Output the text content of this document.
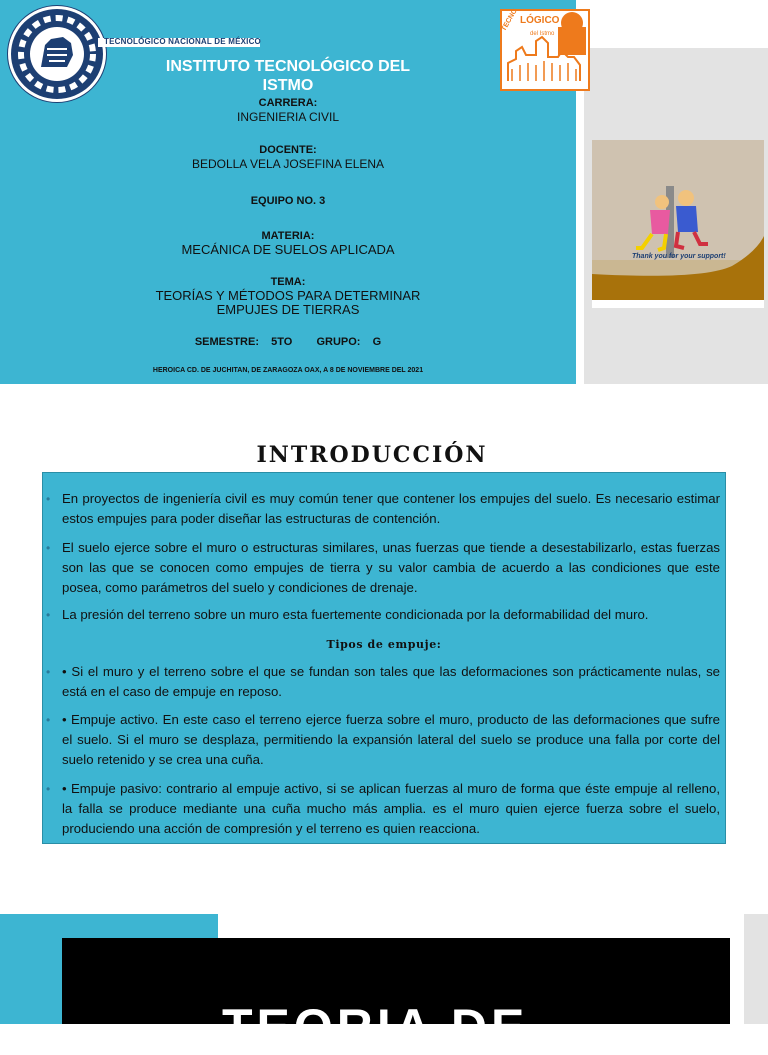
TECNOLÓGICO NACIONAL DE MÉXICO
INSTITUTO TECNOLÓGICO DEL ISTMO
CARRERA:
INGENIERIA CIVIL
DOCENTE:
BEDOLLA VELA JOSEFINA ELENA
EQUIPO NO. 3
MATERIA:
MECÁNICA DE SUELOS APLICADA
TEMA:
TEORÍAS Y MÉTODOS PARA DETERMINAR
EMPUJES DE TIERRAS
SEMESTRE: 5TO GRUPO: G
HEROICA CD. DE JUCHITAN, DE ZARAGOZA OAX, A 8 DE NOVIEMBRE DEL 2021
TECNO LÓGICO
del Istmo
Thank you for your support!
INTRODUCCIÓN
• En proyectos de ingeniería civil es muy común tener que contener los empujes del suelo. Es necesario estimar estos empujes para poder diseñar las estructuras de contención.
• El suelo ejerce sobre el muro o estructuras similares, unas fuerzas que tiende a desestabilizarlo, estas fuerzas son las que se conocen como empujes de tierra y su valor cambia de acuerdo a las condiciones que este posea, como parámetros del suelo y condiciones de drenaje.
• La presión del terreno sobre un muro esta fuertemente condicionada por la deformabilidad del muro.
Tipos de empuje:
• • Si el muro y el terreno sobre el que se fundan son tales que las deformaciones son prácticamente nulas, se está en el caso de empuje en reposo.
• • Empuje activo. En este caso el terreno ejerce fuerza sobre el muro, producto de las deformaciones que sufre el suelo. Si el muro se desplaza, permitiendo la expansión lateral del suelo se produce una falla por corte del suelo retenido y se crea una cuña.
• • Empuje pasivo: contrario al empuje activo, si se aplican fuerzas al muro de forma que éste empuje al relleno, la falla se produce mediante una cuña mucho más amplia. es el muro quien ejerce fuerza sobre el suelo, produciendo una acción de compresión y el terreno es quien reacciona.
TEORIA DE
